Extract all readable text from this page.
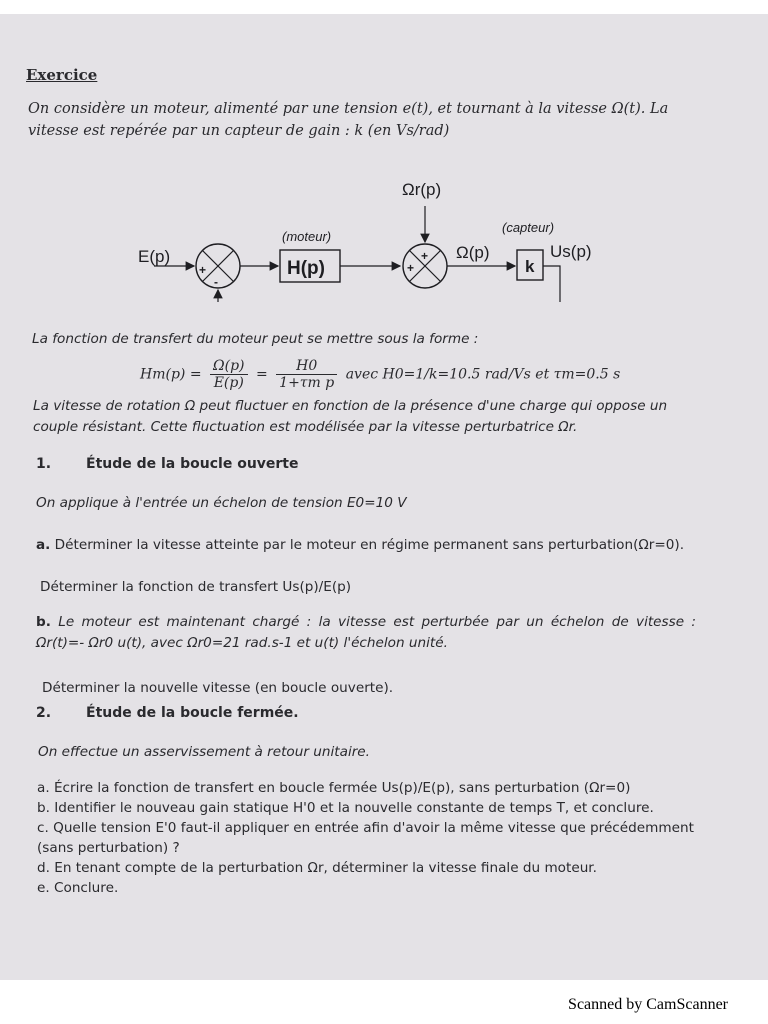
Exercice
On considère un moteur, alimenté par une tension e(t), et tournant à la vitesse Ω(t). La vitesse est repérée par un capteur de gain : k (en Vs/rad)
E(p)
+
-
(moteur)
H(p)
Ωr(p)
+
+
Ω(p)
(capteur)
k
Us(p)
La fonction de transfert du moteur peut se mettre sous la forme :
$Hm(p) = \frac{\Omega(p)}{E(p)} = \frac{H0}{\text{1+τm p}}$ avec H0=1/k=10.5 rad/Vs et τm=0.5 s
La vitesse de rotation Ω peut fluctuer en fonction de la présence d'une charge qui oppose un couple résistant. Cette fluctuation est modélisée par la vitesse perturbatrice Ωr.
1. Étude de la boucle ouverte
On applique à l'entrée un échelon de tension E0=10 V
a. Déterminer la vitesse atteinte par le moteur en régime permanent sans perturbation(Ωr=0).
Déterminer la fonction de transfert Us(p)/E(p)
b. Le moteur est maintenant chargé : la vitesse est perturbée par un échelon de vitesse : Ωr(t)=- Ωr0 u(t), avec Ωr0=21 rad.s-1 et u(t) l'échelon unité.
Déterminer la nouvelle vitesse (en boucle ouverte).
2. Étude de la boucle fermée.
On effectue un asservissement à retour unitaire.
a. Écrire la fonction de transfert en boucle fermée Us(p)/E(p), sans perturbation (Ωr=0)
b. Identifier le nouveau gain statique H'0 et la nouvelle constante de temps T, et conclure.
c. Quelle tension E'0 faut-il appliquer en entrée afin d'avoir la même vitesse que précédemment (sans perturbation) ?
d. En tenant compte de la perturbation Ωr, déterminer la vitesse finale du moteur.
e. Conclure.
Scanned by CamScanner
